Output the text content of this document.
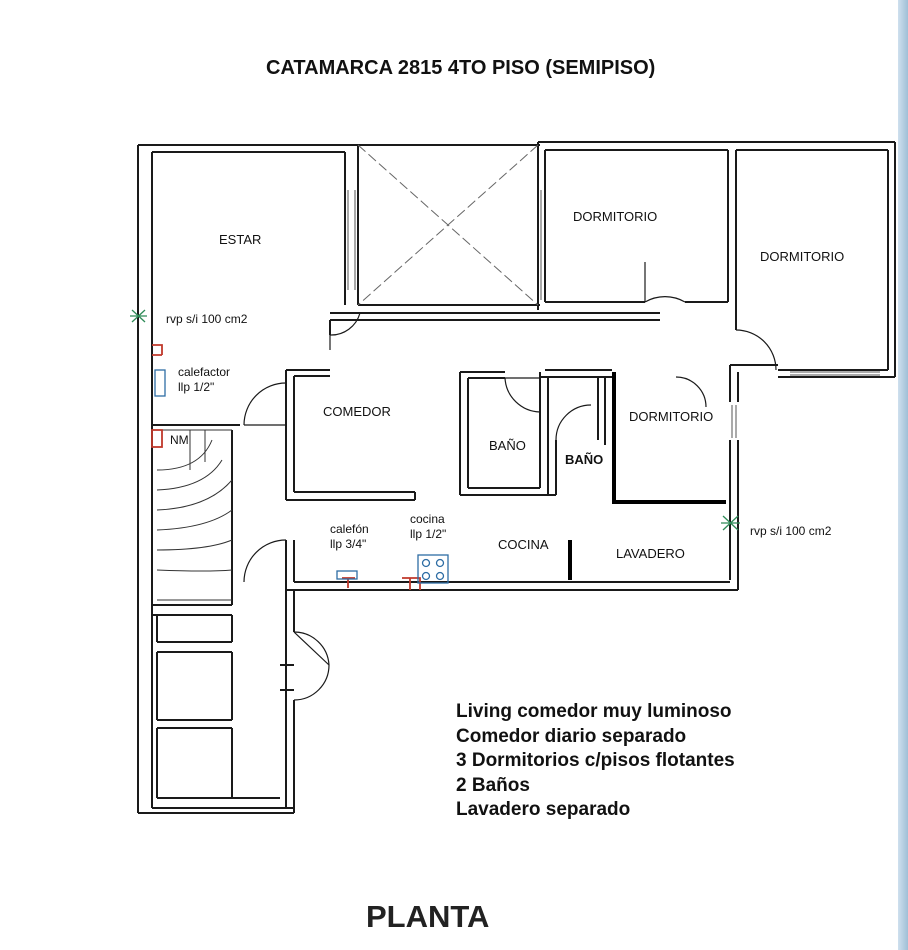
CATAMARCA 2815 4TO PISO (SEMIPISO)
ESTAR
DORMITORIO
DORMITORIO
DORMITORIO
COMEDOR
BAÑO
BAÑO
COCINA
LAVADERO
rvp s/i 100 cm2
rvp s/i 100 cm2
calefactor
llp 1/2"
NM
calefón
llp 3/4"
cocina
llp 1/2"
Living comedor muy luminoso
Comedor diario separado
3 Dormitorios c/pisos flotantes
2 Baños
Lavadero separado
PLANTA
